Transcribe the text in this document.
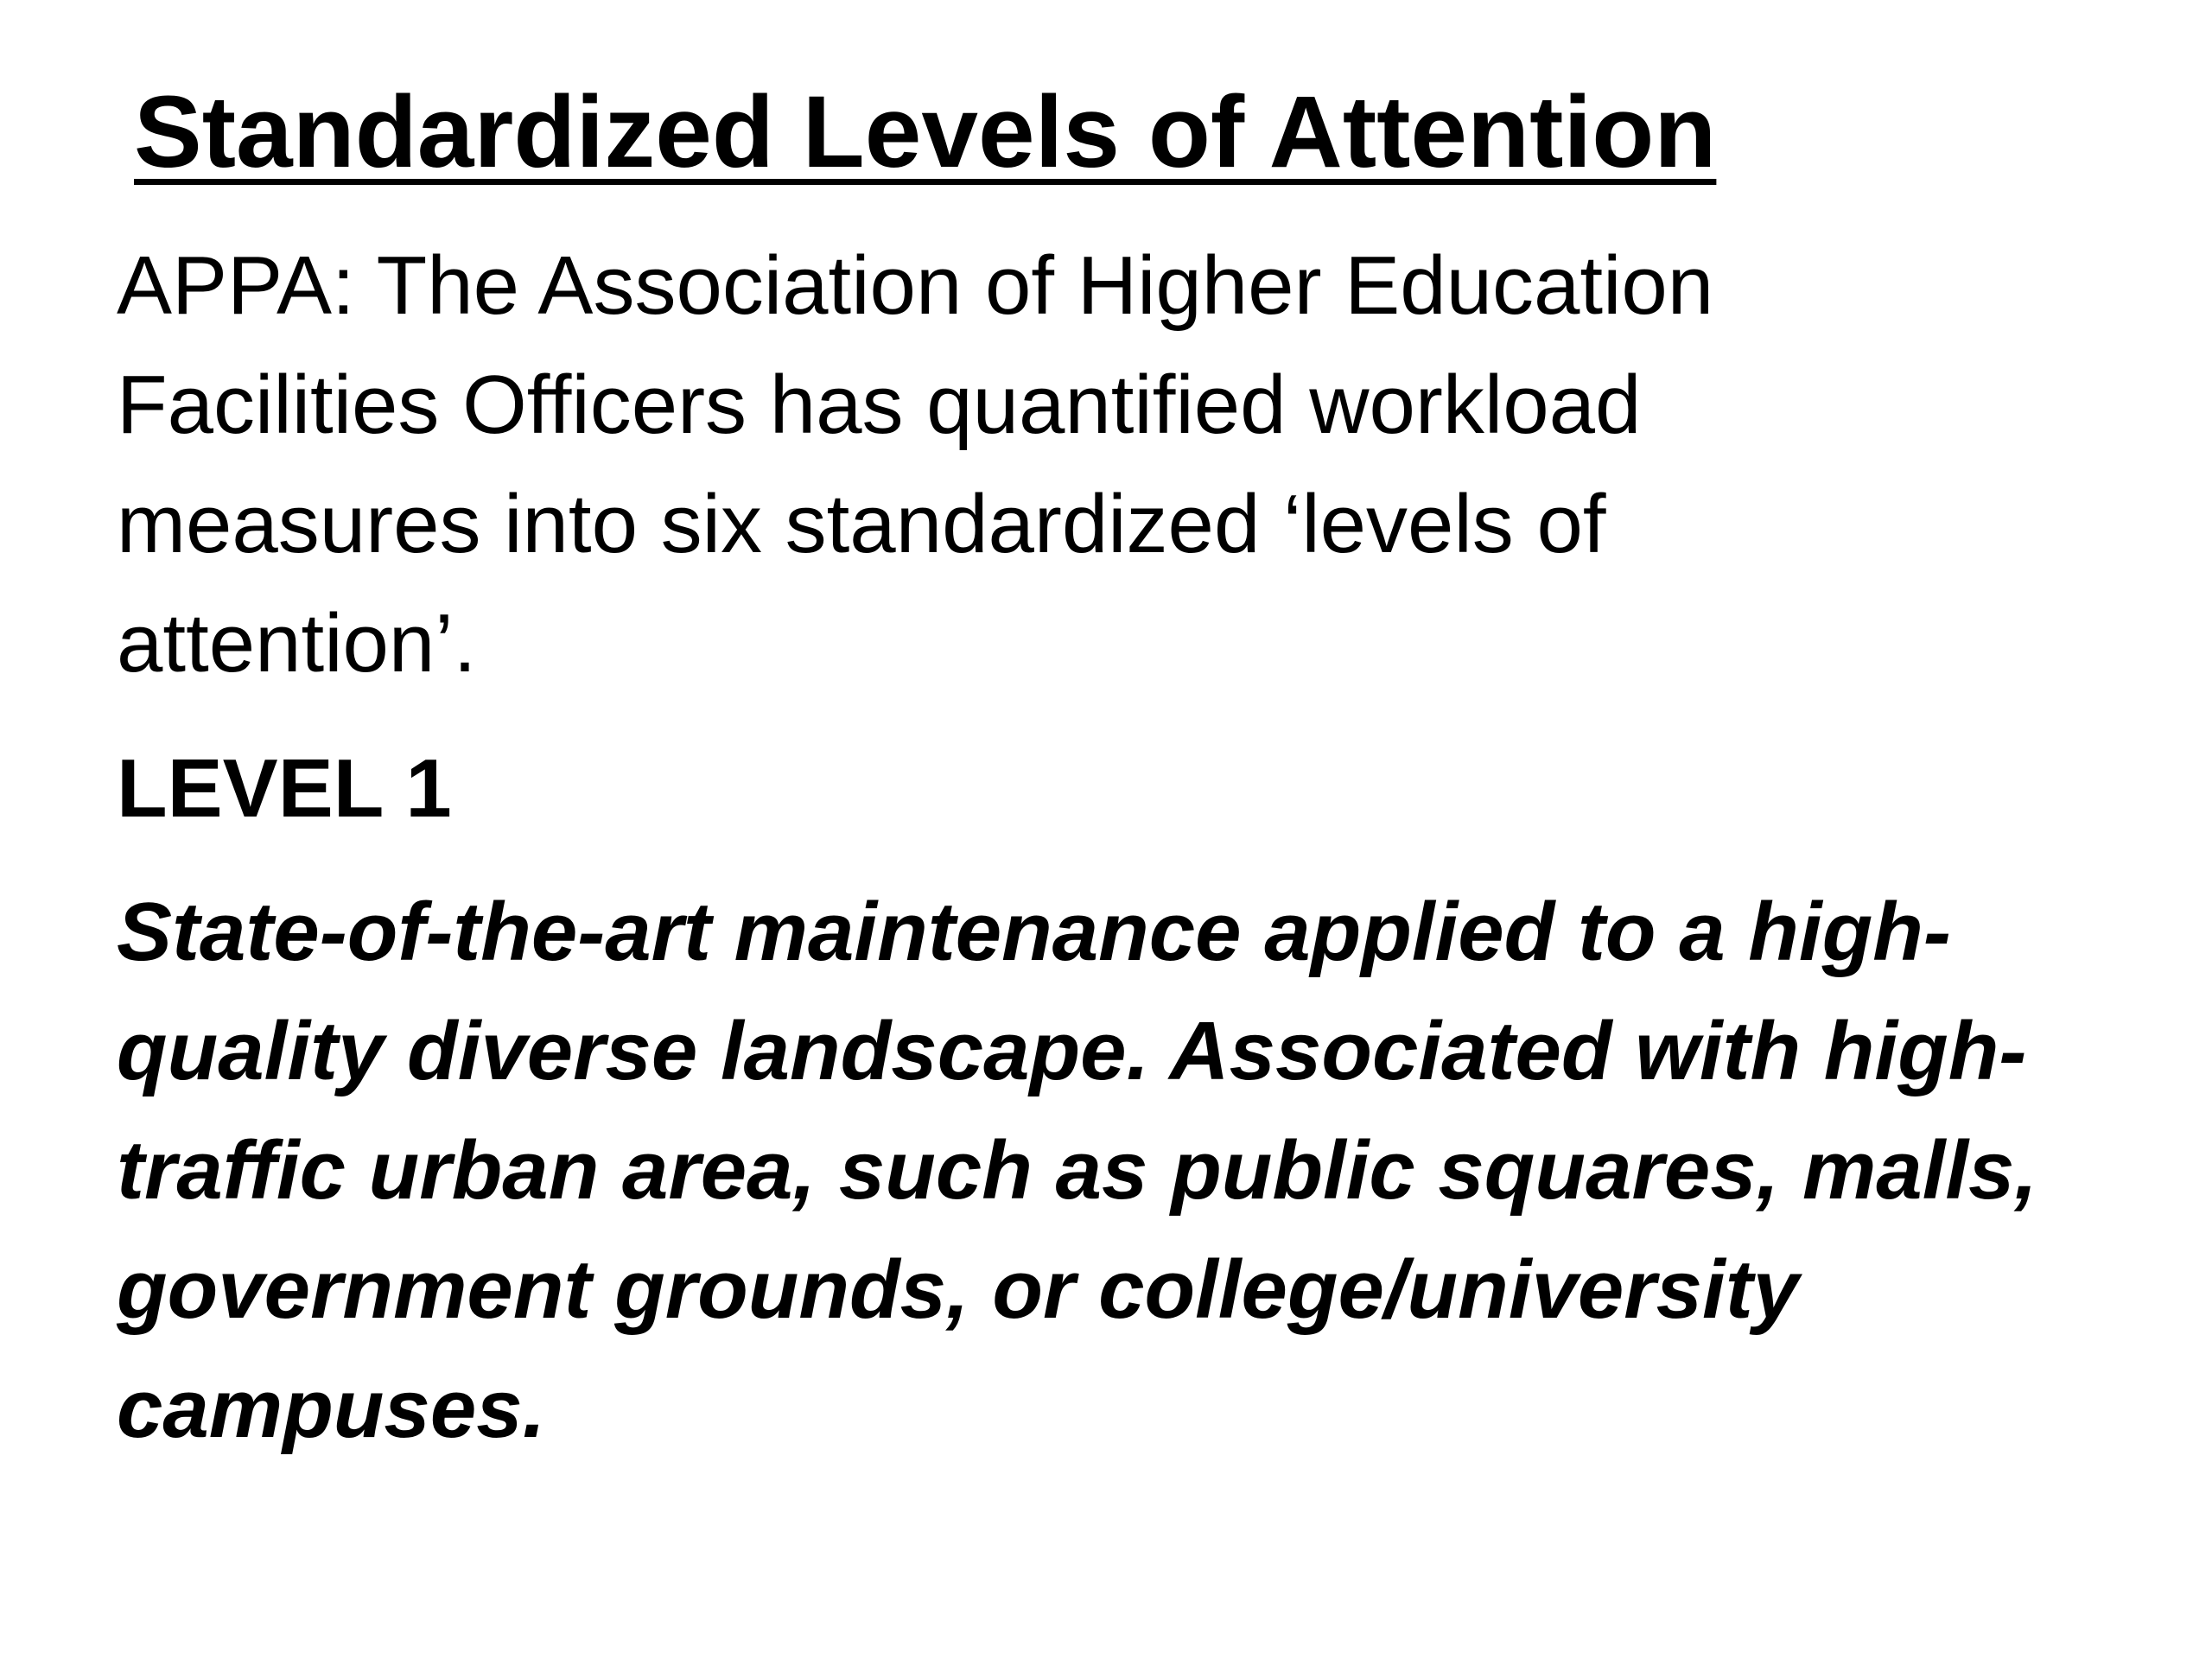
Standardized Levels of Attention

APPA: The Association of Higher Education Facilities Officers has quantified workload measures into six standardized ‘levels of attention’.

LEVEL 1

State-of-the-art maintenance applied to a high-quality diverse landscape. Associated with high-traffic urban area, such as public squares, malls, government grounds, or college/university campuses.
